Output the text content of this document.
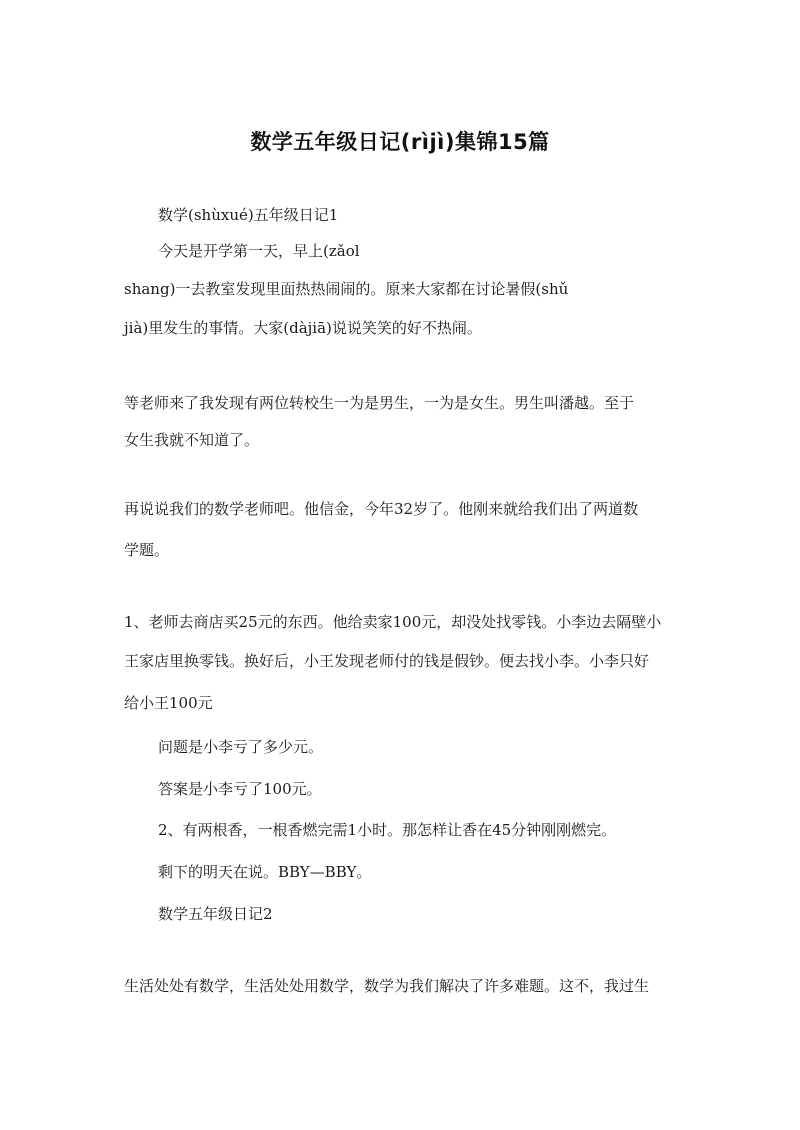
数学五年级日记(rìjì)集锦15篇
数学(shùxué)五年级日记1
今天是开学第一天，早上(zǎol
shang)一去教室发现里面热热闹闹的。原来大家都在讨论暑假(shǔ
jià)里发生的事情。大家(dàjiā)说说笑笑的好不热闹。
等老师来了我发现有两位转校生一为是男生，一为是女生。男生叫潘越。至于
女生我就不知道了。
再说说我们的数学老师吧。他信金，今年32岁了。他刚来就给我们出了两道数
学题。
1、老师去商店买25元的东西。他给卖家100元，却没处找零钱。小李边去隔壁小
王家店里换零钱。换好后，小王发现老师付的钱是假钞。便去找小李。小李只好
给小王100元
问题是小李亏了多少元。
答案是小李亏了100元。
2、有两根香，一根香燃完需1小时。那怎样让香在45分钟刚刚燃完。
剩下的明天在说。BBY—BBY。
数学五年级日记2
生活处处有数学，生活处处用数学，数学为我们解决了许多难题。这不，我过生
